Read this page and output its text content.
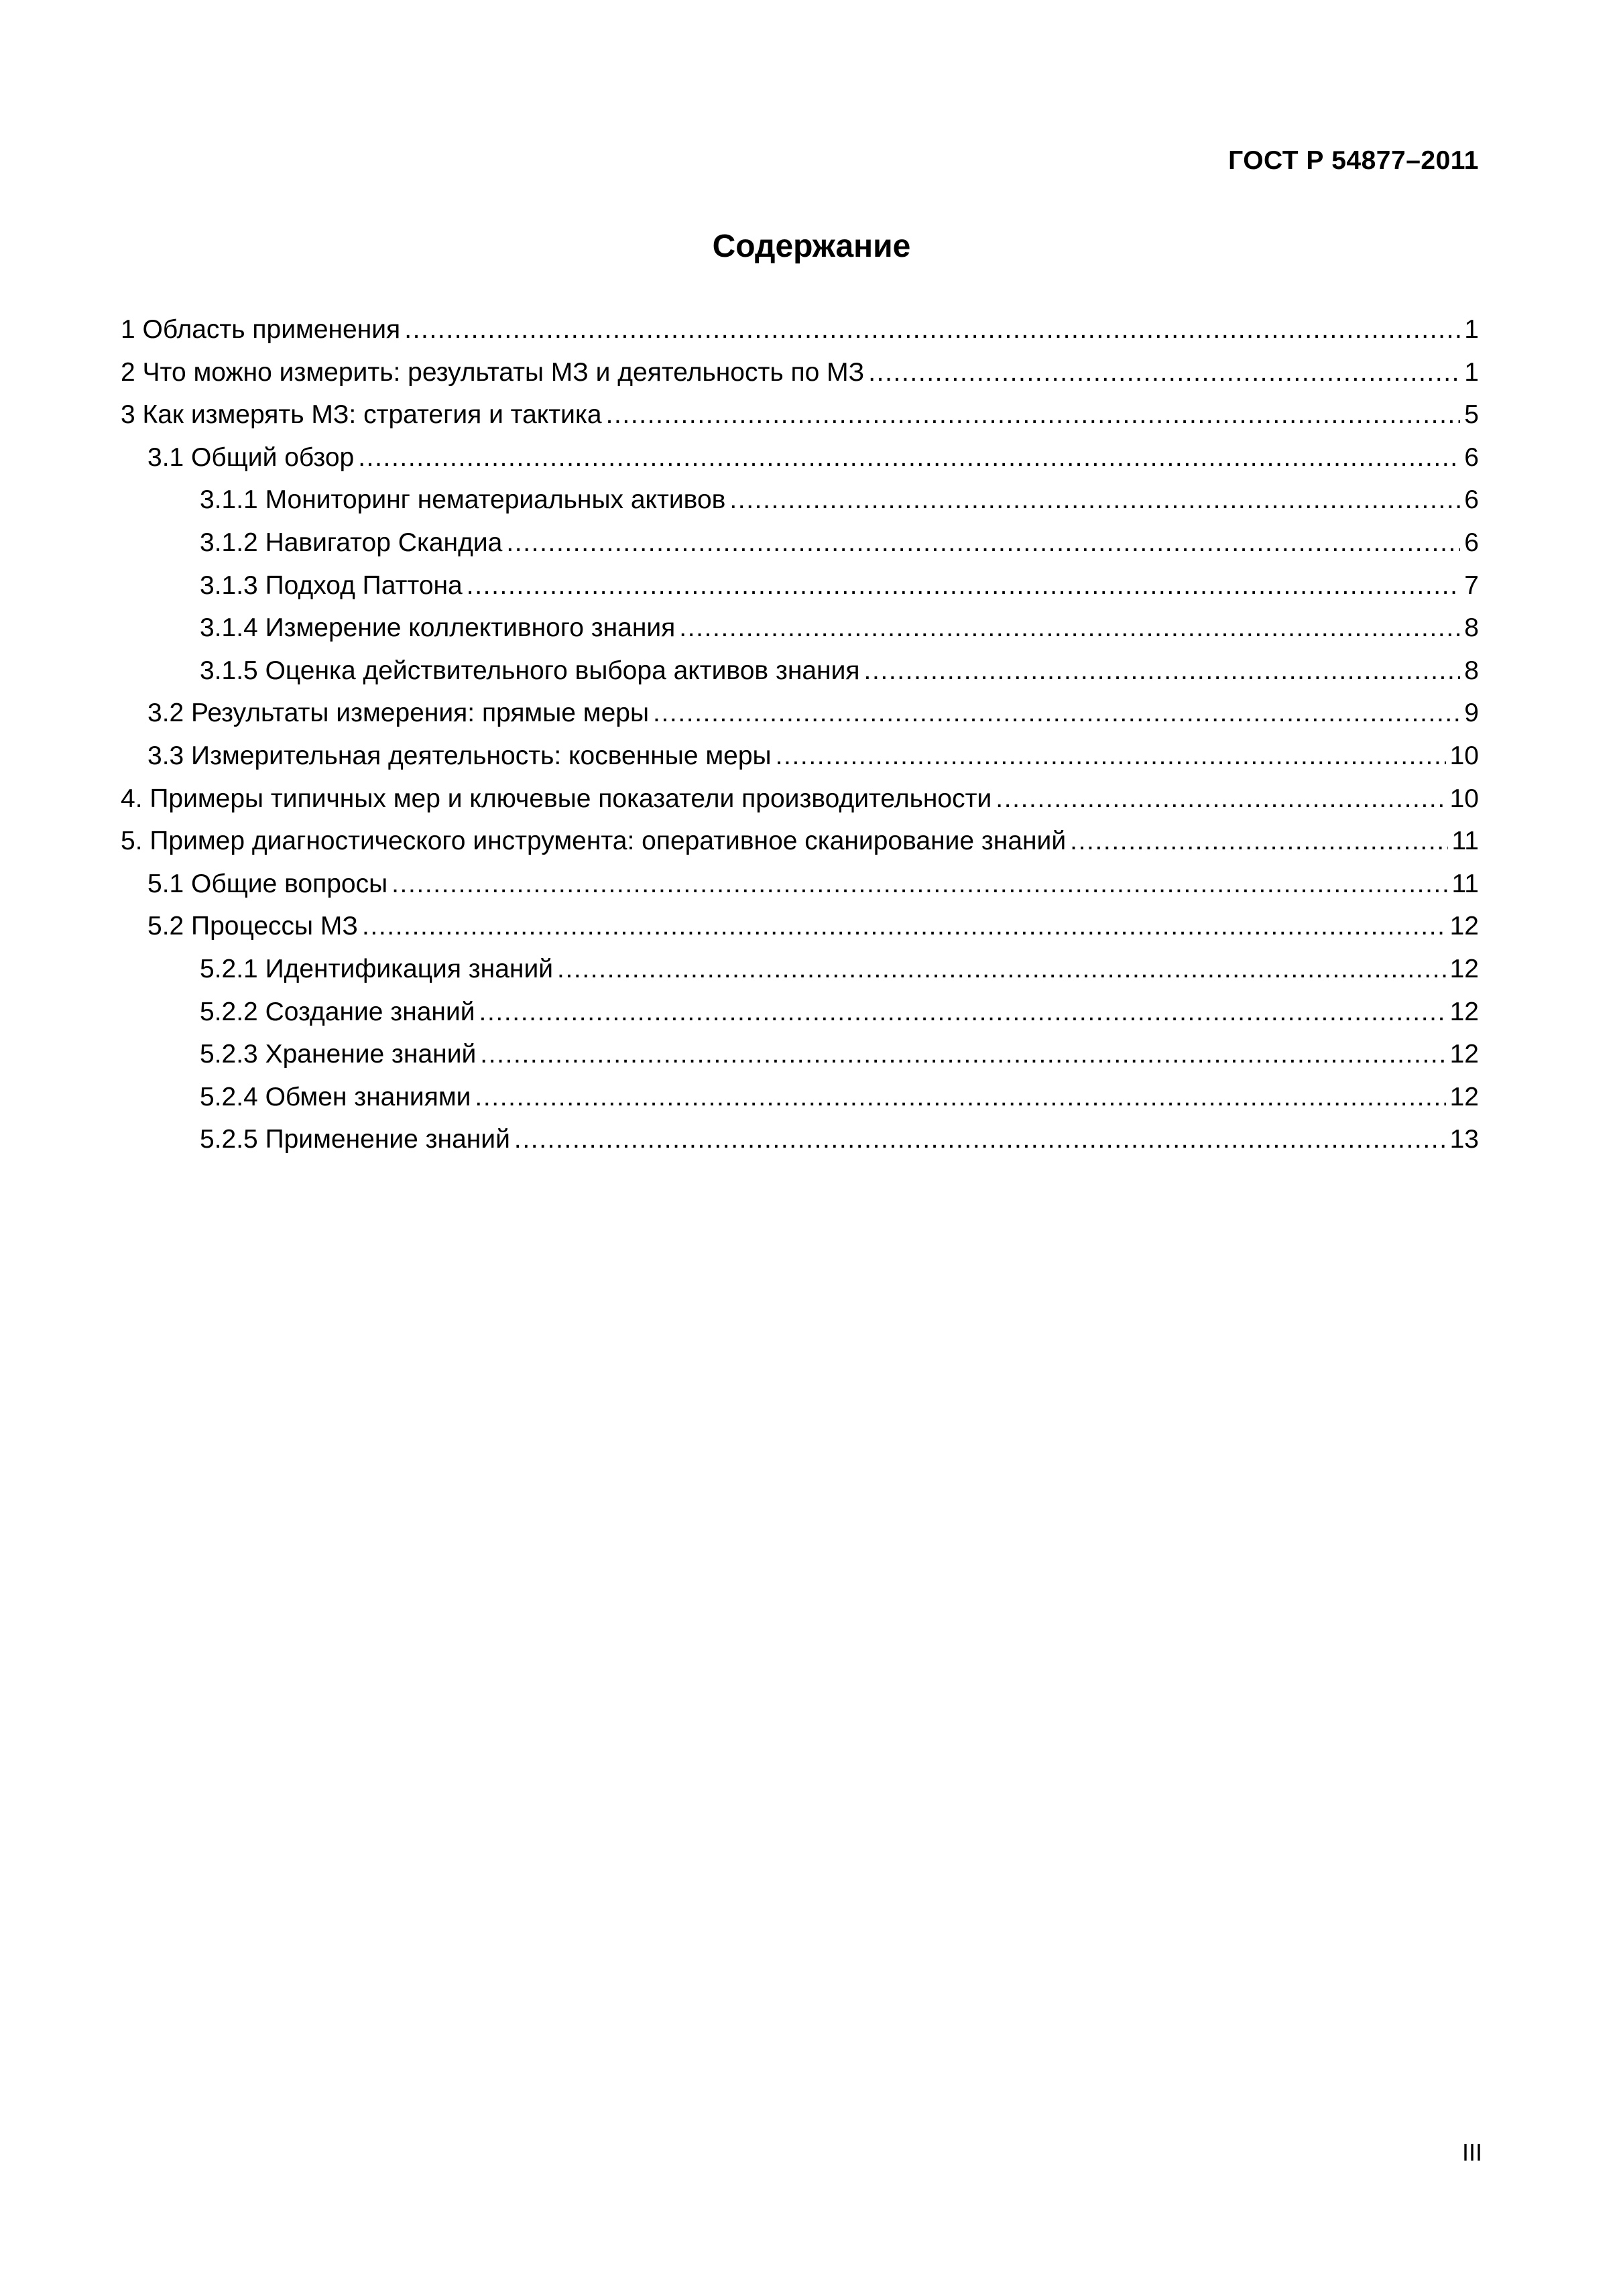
ГОСТ Р 54877–2011
Содержание
1 Область применения .....	1
2 Что можно измерить: результаты МЗ и деятельность по МЗ .....	1
3 Как измерять МЗ: стратегия и тактика .....	5
3.1 Общий обзор .....	6
3.1.1 Мониторинг нематериальных активов .....	6
3.1.2 Навигатор Скандиа .....	6
3.1.3 Подход Паттона .....	7
3.1.4 Измерение коллективного знания .....	8
3.1.5 Оценка действительного выбора активов знания .....	8
3.2 Результаты измерения: прямые меры .....	9
3.3 Измерительная деятельность: косвенные меры .....	10
4. Примеры типичных мер и ключевые показатели производительности .....	10
5. Пример диагностического инструмента: оперативное сканирование знаний .....	11
5.1 Общие вопросы .....	11
5.2 Процессы МЗ .....	12
5.2.1 Идентификация знаний .....	12
5.2.2 Создание знаний .....	12
5.2.3 Хранение знаний .....	12
5.2.4 Обмен знаниями .....	12
5.2.5 Применение знаний .....	13
III
